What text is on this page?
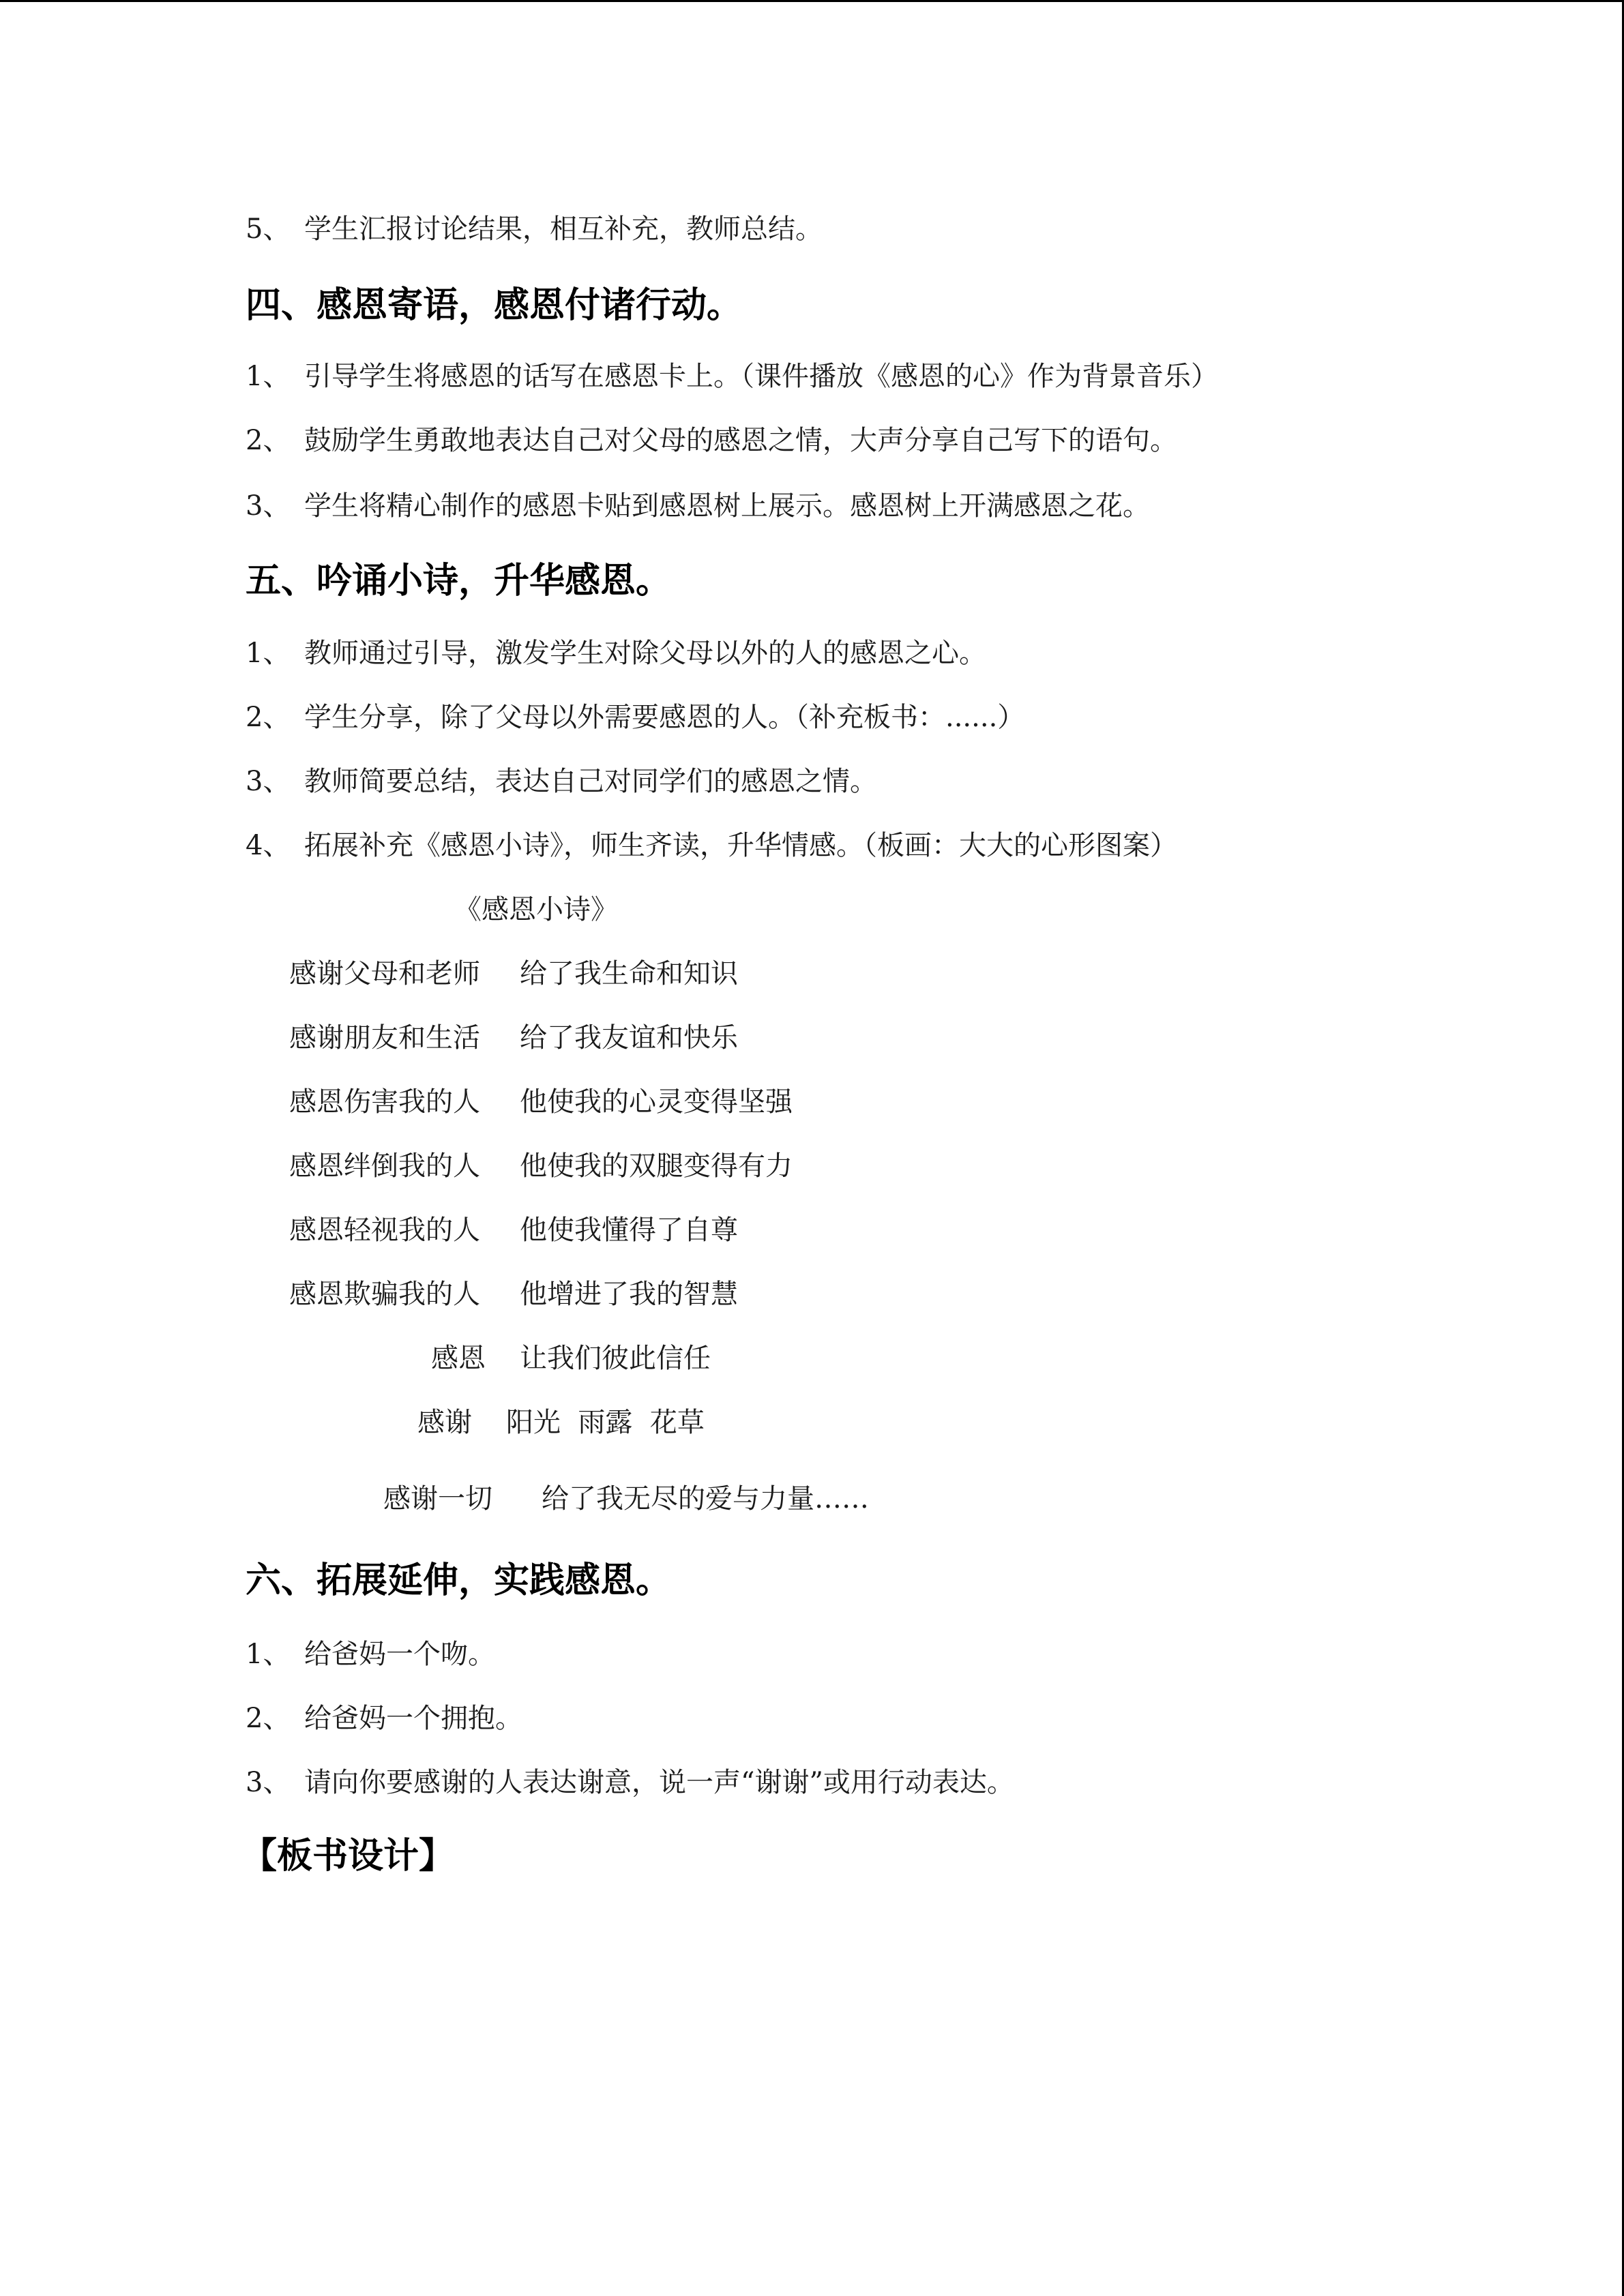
5、 学生汇报讨论结果，相互补充，教师总结。
四、感恩寄语，感恩付诸行动。
1、 引导学生将感恩的话写在感恩卡上。（课件播放《感恩的心》作为背景音乐）
2、 鼓励学生勇敢地表达自己对父母的感恩之情，大声分享自己写下的语句。
3、 学生将精心制作的感恩卡贴到感恩树上展示。感恩树上开满感恩之花。
五、吟诵小诗，升华感恩。
1、 教师通过引导，激发学生对除父母以外的人的感恩之心。
2、 学生分享，除了父母以外需要感恩的人。（补充板书：......）
3、 教师简要总结，表达自己对同学们的感恩之情。
4、 拓展补充《感恩小诗》，师生齐读，升华情感。（板画：大大的心形图案）
《感恩小诗》
感谢父母和老师 给了我生命和知识
感谢朋友和生活 给了我友谊和快乐
感恩伤害我的人 他使我的心灵变得坚强
感恩绊倒我的人 他使我的双腿变得有力
感恩轻视我的人 他使我懂得了自尊
感恩欺骗我的人 他增进了我的智慧
感恩 让我们彼此信任
感谢 阳光  雨露  花草
感谢一切 给了我无尽的爱与力量……
六、拓展延伸，实践感恩。
1、 给爸妈一个吻。
2、 给爸妈一个拥抱。
3、 请向你要感谢的人表达谢意，说一声“谢谢”或用行动表达。
【板书设计】
